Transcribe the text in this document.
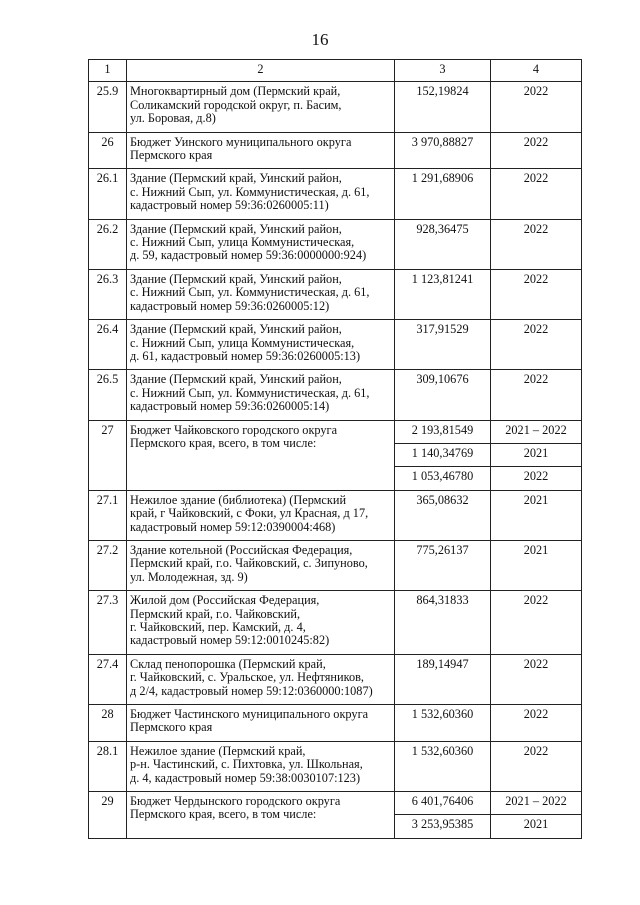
16
1	2	3	4
25.9	Многоквартирный дом (Пермский край,
Соликамский городской округ, п. Басим,
ул. Боровая, д.8)	152,19824	2022
26	Бюджет Уинского муниципального округа
Пермского края	3 970,88827	2022
26.1	Здание (Пермский край, Уинский район,
с. Нижний Сып, ул. Коммунистическая, д. 61,
кадастровый номер 59:36:0260005:11)	1 291,68906	2022
26.2	Здание (Пермский край, Уинский район,
с. Нижний Сып, улица Коммунистическая,
д. 59, кадастровый номер 59:36:0000000:924)	928,36475	2022
26.3	Здание (Пермский край, Уинский район,
с. Нижний Сып, ул. Коммунистическая, д. 61,
кадастровый номер 59:36:0260005:12)	1 123,81241	2022
26.4	Здание (Пермский край, Уинский район,
с. Нижний Сып, улица Коммунистическая,
д. 61, кадастровый номер 59:36:0260005:13)	317,91529	2022
26.5	Здание (Пермский край, Уинский район,
с. Нижний Сып, ул. Коммунистическая, д. 61,
кадастровый номер 59:36:0260005:14)	309,10676	2022
27	Бюджет Чайковского городского округа
Пермского края, всего, в том числе:	2 193,81549	2021 – 2022
		1 140,34769	2021
		1 053,46780	2022
27.1	Нежилое здание (библиотека) (Пермский
край, г Чайковский, с Фоки, ул Красная, д 17,
кадастровый номер 59:12:0390004:468)	365,08632	2021
27.2	Здание котельной (Российская Федерация,
Пермский край, г.о. Чайковский, с. Зипуново,
ул. Молодежная, зд. 9)	775,26137	2021
27.3	Жилой дом (Российская Федерация,
Пермский край, г.о. Чайковский,
г. Чайковский, пер. Камский, д. 4,
кадастровый номер 59:12:0010245:82)	864,31833	2022
27.4	Склад пенопорошка (Пермский край,
г. Чайковский, с. Уральское, ул. Нефтяников,
д 2/4, кадастровый номер 59:12:0360000:1087)	189,14947	2022
28	Бюджет Частинского муниципального округа
Пермского края	1 532,60360	2022
28.1	Нежилое здание (Пермский край,
р-н. Частинский, с. Пихтовка, ул. Школьная,
д. 4, кадастровый номер 59:38:0030107:123)	1 532,60360	2022
29	Бюджет Чердынского городского округа
Пермского края, всего, в том числе:	6 401,76406	2021 – 2022
		3 253,95385	2021
